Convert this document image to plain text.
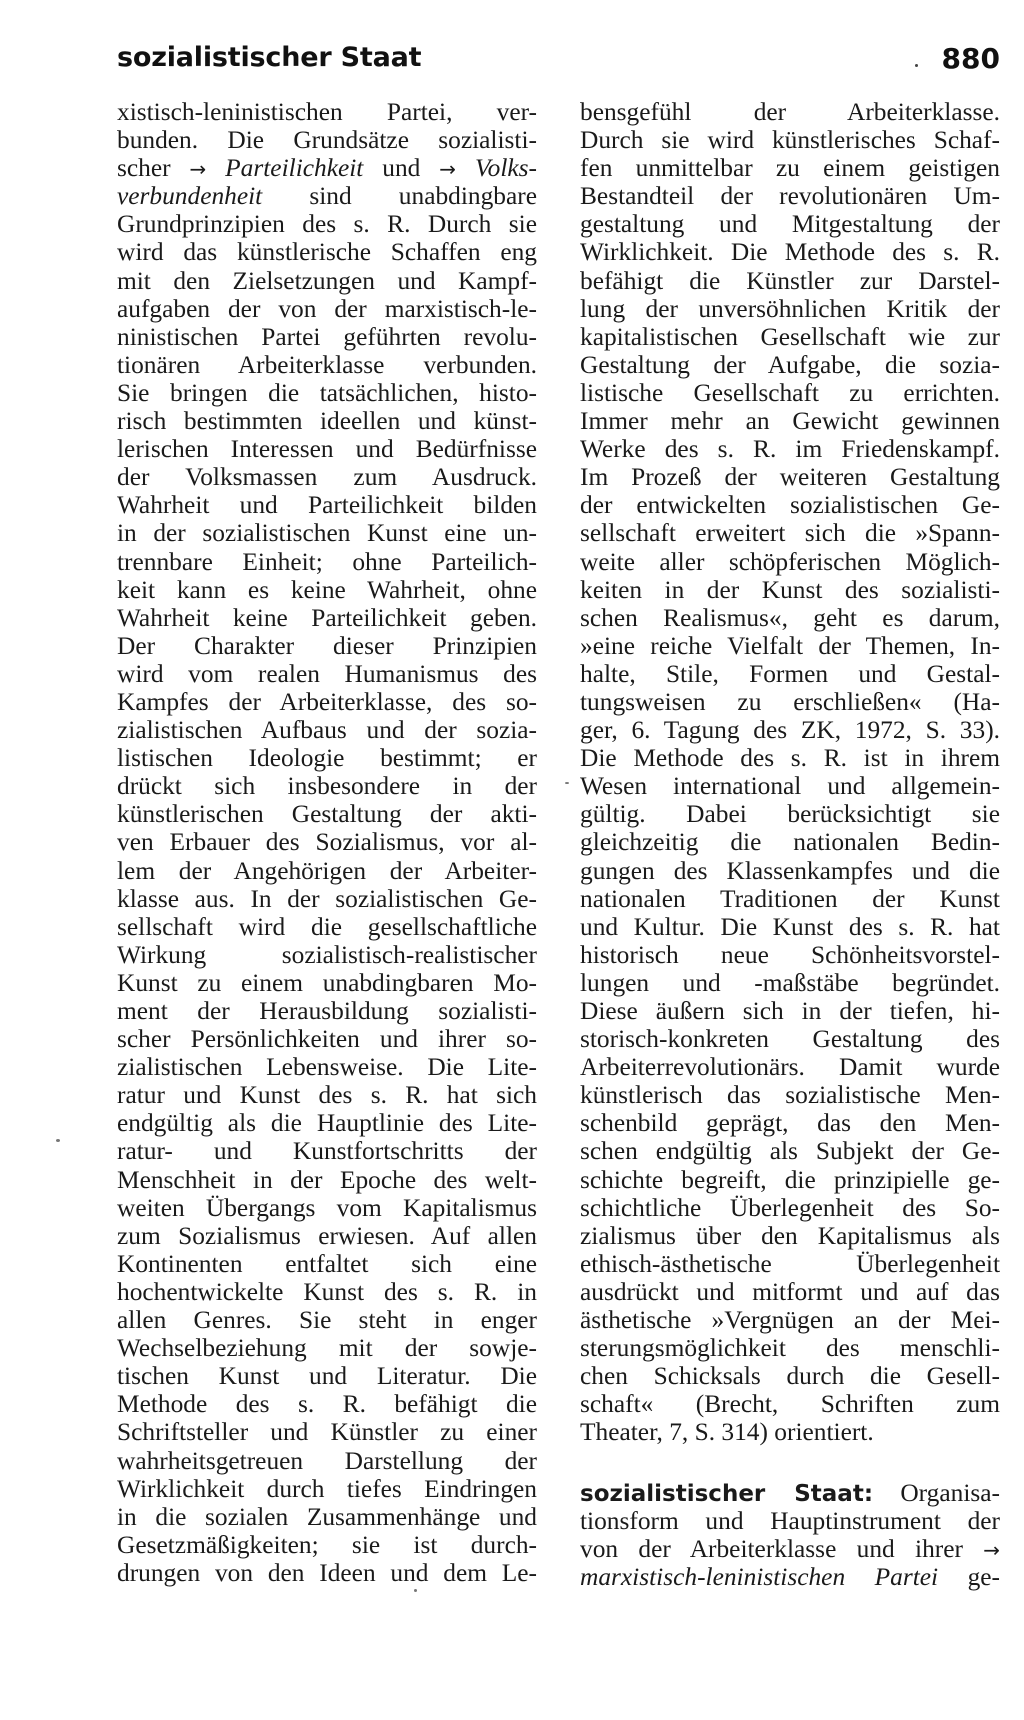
sozialistischer Staat	880
xistisch-leninistischen Partei, ver-
bunden. Die Grundsätze sozialisti-
scher → Parteilichkeit und → Volks-
verbundenheit sind unabdingbare
Grundprinzipien des s. R. Durch sie
wird das künstlerische Schaffen eng
mit den Zielsetzungen und Kampf-
aufgaben der von der marxistisch-le-
ninistischen Partei geführten revolu-
tionären Arbeiterklasse verbunden.
Sie bringen die tatsächlichen, histo-
risch bestimmten ideellen und künst-
lerischen Interessen und Bedürfnisse
der Volksmassen zum Ausdruck.
Wahrheit und Parteilichkeit bilden
in der sozialistischen Kunst eine un-
trennbare Einheit; ohne Parteilich-
keit kann es keine Wahrheit, ohne
Wahrheit keine Parteilichkeit geben.
Der Charakter dieser Prinzipien
wird vom realen Humanismus des
Kampfes der Arbeiterklasse, des so-
zialistischen Aufbaus und der sozia-
listischen Ideologie bestimmt; er
drückt sich insbesondere in der
künstlerischen Gestaltung der akti-
ven Erbauer des Sozialismus, vor al-
lem der Angehörigen der Arbeiter-
klasse aus. In der sozialistischen Ge-
sellschaft wird die gesellschaftliche
Wirkung sozialistisch-realistischer
Kunst zu einem unabdingbaren Mo-
ment der Herausbildung sozialisti-
scher Persönlichkeiten und ihrer so-
zialistischen Lebensweise. Die Lite-
ratur und Kunst des s. R. hat sich
endgültig als die Hauptlinie des Lite-
ratur- und Kunstfortschritts der
Menschheit in der Epoche des welt-
weiten Übergangs vom Kapitalismus
zum Sozialismus erwiesen. Auf allen
Kontinenten entfaltet sich eine
hochentwickelte Kunst des s. R. in
allen Genres. Sie steht in enger
Wechselbeziehung mit der sowje-
tischen Kunst und Literatur. Die
Methode des s. R. befähigt die
Schriftsteller und Künstler zu einer
wahrheitsgetreuen Darstellung der
Wirklichkeit durch tiefes Eindringen
in die sozialen Zusammenhänge und
Gesetzmäßigkeiten; sie ist durch-
drungen von den Ideen und dem Le-
bensgefühl der Arbeiterklasse.
Durch sie wird künstlerisches Schaf-
fen unmittelbar zu einem geistigen
Bestandteil der revolutionären Um-
gestaltung und Mitgestaltung der
Wirklichkeit. Die Methode des s. R.
befähigt die Künstler zur Darstel-
lung der unversöhnlichen Kritik der
kapitalistischen Gesellschaft wie zur
Gestaltung der Aufgabe, die sozia-
listische Gesellschaft zu errichten.
Immer mehr an Gewicht gewinnen
Werke des s. R. im Friedenskampf.
Im Prozeß der weiteren Gestaltung
der entwickelten sozialistischen Ge-
sellschaft erweitert sich die »Spann-
weite aller schöpferischen Möglich-
keiten in der Kunst des sozialisti-
schen Realismus«, geht es darum,
»eine reiche Vielfalt der Themen, In-
halte, Stile, Formen und Gestal-
tungsweisen zu erschließen« (Ha-
ger, 6. Tagung des ZK, 1972, S. 33).
Die Methode des s. R. ist in ihrem
Wesen international und allgemein-
gültig. Dabei berücksichtigt sie
gleichzeitig die nationalen Bedin-
gungen des Klassenkampfes und die
nationalen Traditionen der Kunst
und Kultur. Die Kunst des s. R. hat
historisch neue Schönheitsvorstel-
lungen und -maßstäbe begründet.
Diese äußern sich in der tiefen, hi-
storisch-konkreten Gestaltung des
Arbeiterrevolutionärs. Damit wurde
künstlerisch das sozialistische Men-
schenbild geprägt, das den Men-
schen endgültig als Subjekt der Ge-
schichte begreift, die prinzipielle ge-
schichtliche Überlegenheit des So-
zialismus über den Kapitalismus als
ethisch-ästhetische Überlegenheit
ausdrückt und mitformt und auf das
ästhetische »Vergnügen an der Mei-
sterungsmöglichkeit des menschli-
chen Schicksals durch die Gesell-
schaft« (Brecht, Schriften zum
Theater, 7, S. 314) orientiert.
sozialistischer Staat: Organisa-
tionsform und Hauptinstrument der
von der Arbeiterklasse und ihrer →
marxistisch-leninistischen Partei ge-
